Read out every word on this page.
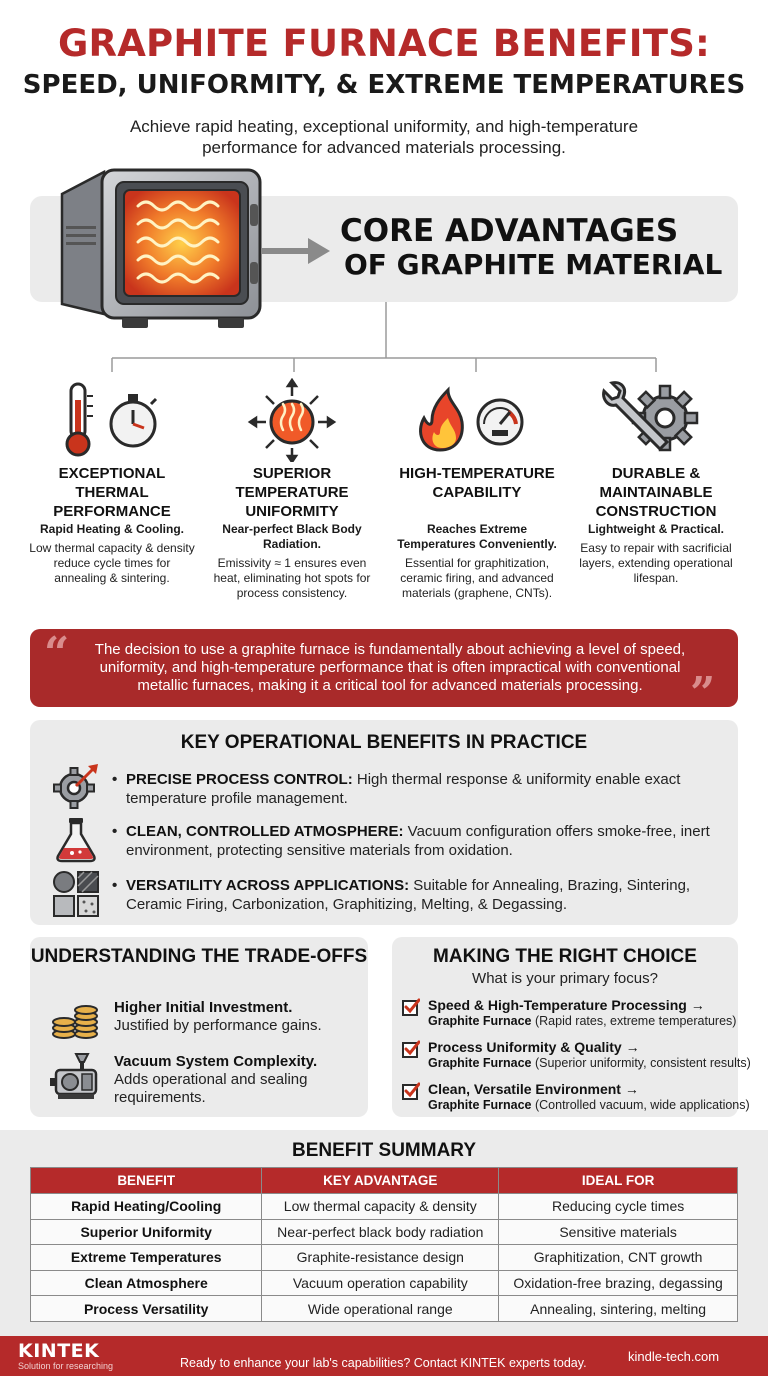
GRAPHITE FURNACE BENEFITS:
SPEED, UNIFORMITY, & EXTREME TEMPERATURES
Achieve rapid heating, exceptional uniformity, and high-temperature performance for advanced materials processing.
CORE ADVANTAGES
OF GRAPHITE MATERIAL
EXCEPTIONAL THERMAL PERFORMANCE
Rapid Heating & Cooling.
Low thermal capacity & density reduce cycle times for annealing & sintering.
SUPERIOR TEMPERATURE UNIFORMITY
Near-perfect Black Body Radiation.
Emissivity ≈ 1 ensures even heat, eliminating hot spots for process consistency.
HIGH-TEMPERATURE CAPABILITY
Reaches Extreme Temperatures Conveniently.
Essential for graphitization, ceramic firing, and advanced materials (graphene, CNTs).
DURABLE & MAINTAINABLE CONSTRUCTION
Lightweight & Practical.
Easy to repair with sacrificial layers, extending operational lifespan.
“
”
The decision to use a graphite furnace is fundamentally about achieving a level of speed, uniformity, and high-temperature performance that is often impractical with conventional metallic furnaces, making it a critical tool for advanced materials processing.
KEY OPERATIONAL BENEFITS IN PRACTICE
• PRECISE PROCESS CONTROL: High thermal response & uniformity enable exact temperature profile management.
• CLEAN, CONTROLLED ATMOSPHERE: Vacuum configuration offers smoke-free, inert environment, protecting sensitive materials from oxidation.
• VERSATILITY ACROSS APPLICATIONS: Suitable for Annealing, Brazing, Sintering, Ceramic Firing, Carbonization, Graphitizing, Melting, & Degassing.
UNDERSTANDING THE TRADE-OFFS
Higher Initial Investment.
Justified by performance gains.
Vacuum System Complexity.
Adds operational and sealing requirements.
MAKING THE RIGHT CHOICE
What is your primary focus?
Speed & High-Temperature Processing →
Graphite Furnace (Rapid rates, extreme temperatures)
Process Uniformity & Quality →
Graphite Furnace (Superior uniformity, consistent results)
Clean, Versatile Environment →
Graphite Furnace (Controlled vacuum, wide applications)
BENEFIT SUMMARY
BENEFIT	KEY ADVANTAGE	IDEAL FOR
Rapid Heating/Cooling	Low thermal capacity & density	Reducing cycle times
Superior Uniformity	Near-perfect black body radiation	Sensitive materials
Extreme Temperatures	Graphite-resistance design	Graphitization, CNT growth
Clean Atmosphere	Vacuum operation capability	Oxidation-free brazing, degassing
Process Versatility	Wide operational range	Annealing, sintering, melting
KINTEK
Solution for researching	Ready to enhance your lab's capabilities? Contact KINTEK experts today.	kindle-tech.com
